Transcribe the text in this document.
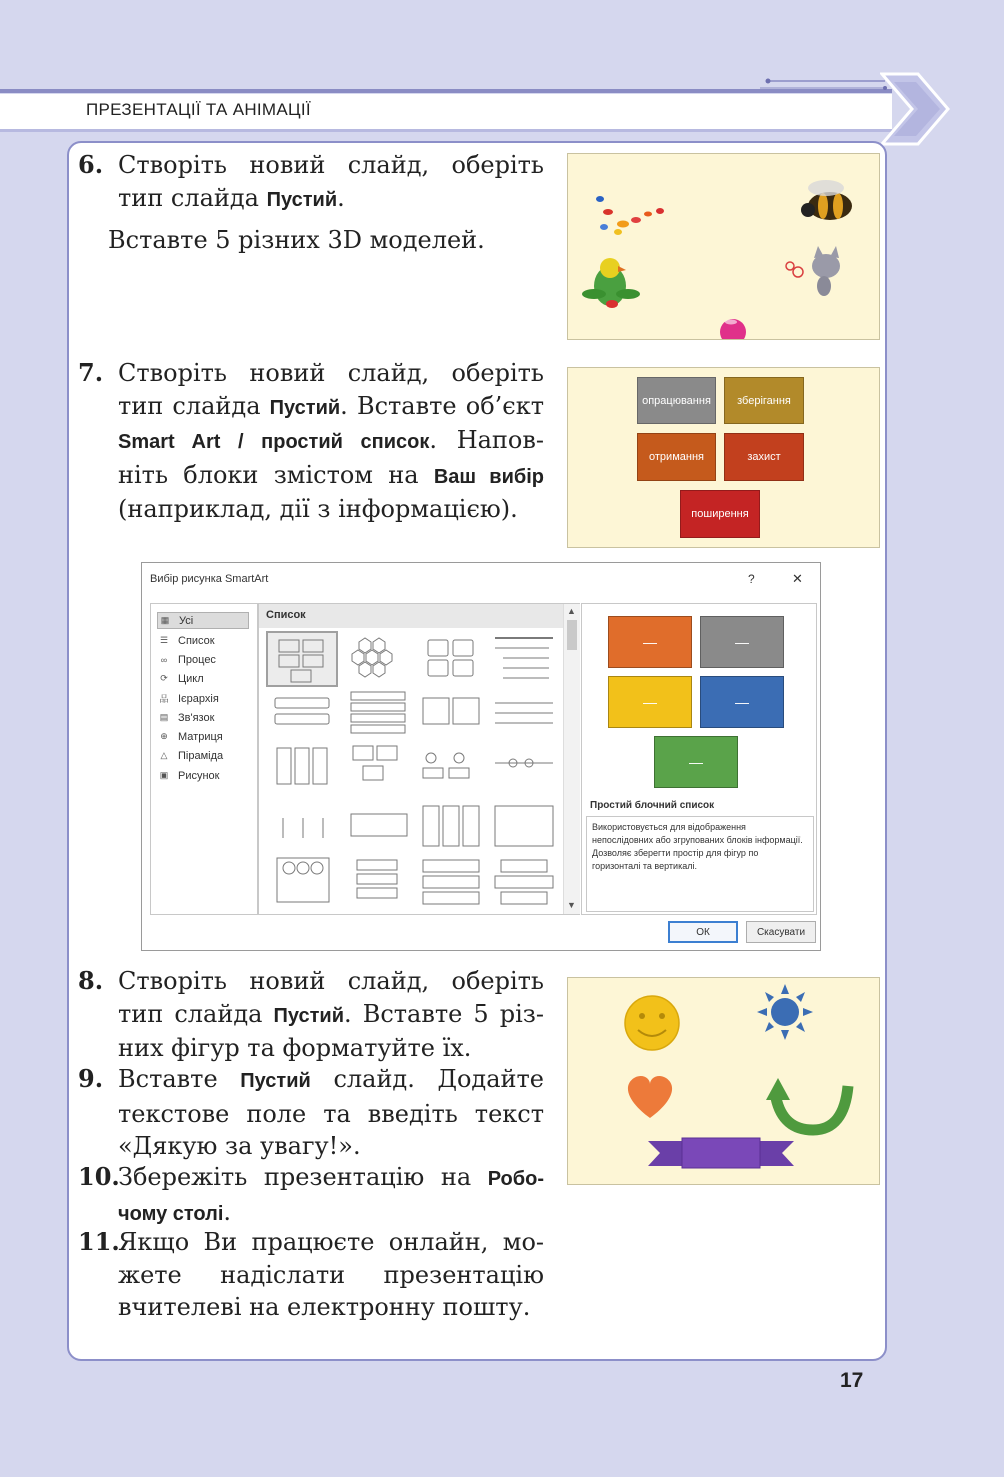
ПРЕЗЕНТАЦІЇ ТА АНІМАЦІЇ
6. Створіть новий слайд, оберіть
тип слайда Пустий.
Вставте 5 різних 3D моделей.
7. Створіть новий слайд, оберіть
тип слайда Пустий. Вставте об’єкт
Smart Art / простий список. Напов-
ніть блоки змістом на Ваш вибір
(наприклад, дії з інформацією).
опрацювання	зберігання
отримання	захист
поширення
Вибір рисунка SmartArt	?	✕
▦ Усі
☰ Список
∞ Процес
⟳ Цикл
品 Ієрархія
▤ Зв'язок
⊕ Матриця
△ Піраміда
▣ Рисунок
Список	▲
▼
—	—
—	—
—
Простий блочний список
Використовується для відображення непослідовних або згрупованих блоків інформації. Дозволяє зберегти простір для фігур по горизонталі та вертикалі.
ОК	Скасувати
8. Створіть новий слайд, оберіть
тип слайда Пустий. Вставте 5 різ-
них фігур та форматуйте їх.
9. Вставте Пустий слайд. Додайте
текстове поле та введіть текст
«Дякую за увагу!».
10.
Збережіть презентацію на Робо-
чому столі.
11.
Якщо Ви працюєте онлайн, мо-
жете надіслати презентацію
вчителеві на електронну пошту.
17
